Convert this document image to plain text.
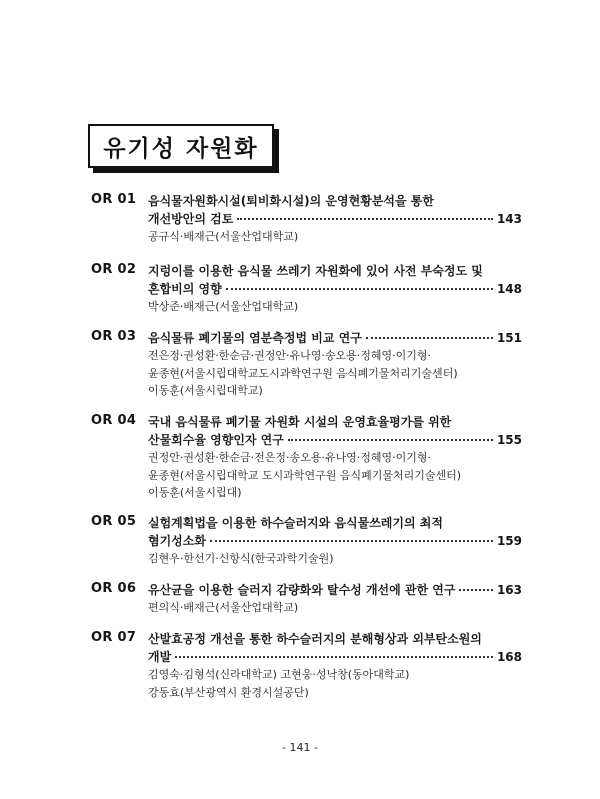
유기성 자원화
OR 01 음식물자원화시설(퇴비화시설)의 운영현황분석을 통한
개선방안의 검토	143
공규식·배재근(서울산업대학교)
OR 02 지렁이를 이용한 음식물 쓰레기 자원화에 있어 사전 부숙정도 및
혼합비의 영향	148
박상준·배재근(서울산업대학교)
OR 03 음식물류 폐기물의 염분측정법 비교 연구	151
전은정·권성환·한순금·권정안·유나영·송오용·정혜영·이기형·
윤종현(서울시립대학교도시과학연구원 음식폐기물처리기술센터)
이동훈(서울시립대학교)
OR 04 국내 음식물류 폐기물 자원화 시설의 운영효율평가를 위한
산물회수율 영향인자 연구	155
권정안·권성환·한순금·전은정·송오용·유나영·정혜영·이기형·
윤종현(서울시립대학교 도시과학연구원 음식폐기물처리기술센터)
이동훈(서울시립대)
OR 05 실험계획법을 이용한 하수슬러지와 음식물쓰레기의 최적
혐기성소화	159
김현우·한선기·신항식(한국과학기술원)
OR 06 유산균을 이용한 슬러지 감량화와 탈수성 개선에 관한 연구	163
편의식·배재근(서울산업대학교)
OR 07 산발효공정 개선을 통한 하수슬러지의 분해형상과 외부탄소원의
개발	168
김영숙·김형석(신라대학교) 고현웅·성낙창(동아대학교)
강동효(부산광역시 환경시설공단)
- 141 -
